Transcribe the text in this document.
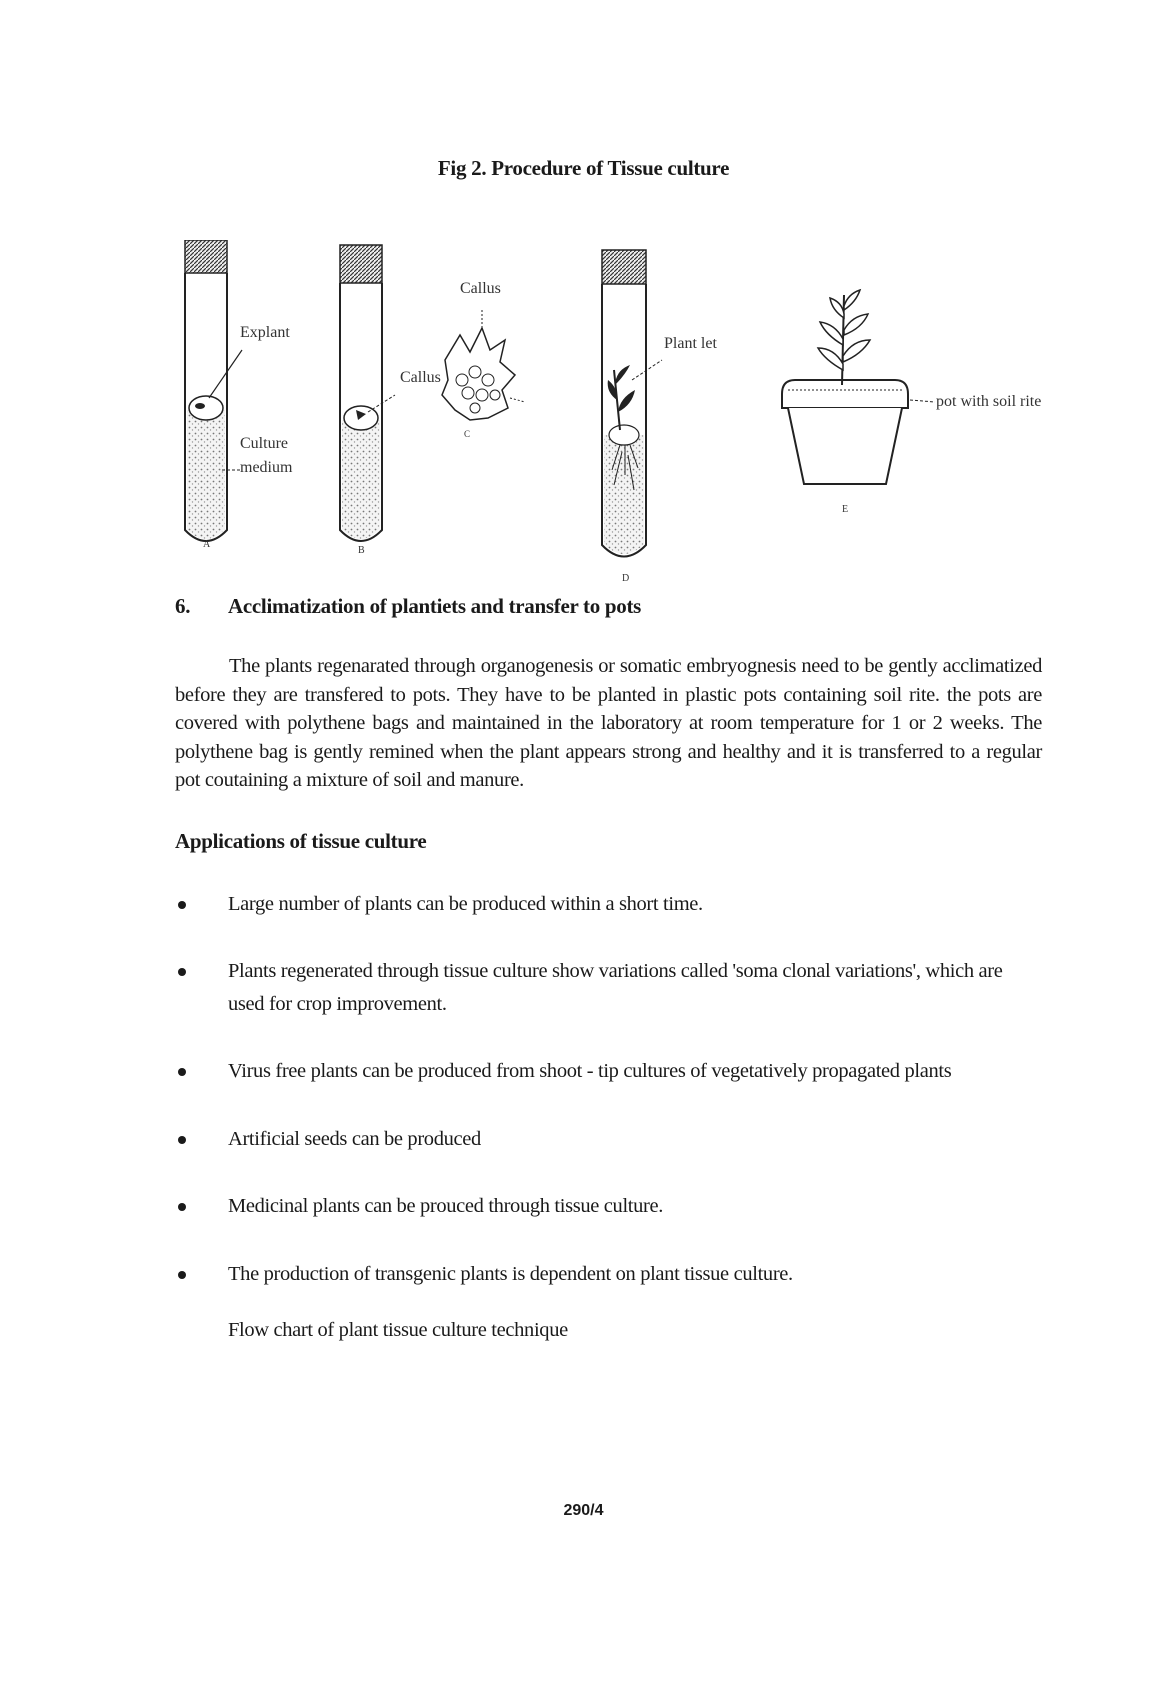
Fig 2. Procedure of Tissue culture
Explant
Culture
medium
A
Callus
B
Callus
C
Plant let
D
pot with soil rite
E
6. Acclimatization of plantiets and transfer to pots

The plants regenarated through organogenesis or somatic embryognesis need to be gently acclimatized before they are transfered to pots. They have to be planted in plastic pots containing soil rite. the pots are covered with polythene bags and maintained in the laboratory at room temperature for 1 or 2 weeks. The polythene bag is gently remined when the plant appears strong and healthy and it is transferred to a regular pot coutaining a mixture of soil and manure.

Applications of tissue culture
Large number of plants can be produced within a short time.
Plants regenerated through tissue culture show variations called 'soma clonal variations', which are used for crop improvement.
Virus free plants can be produced from shoot - tip cultures of vegetatively propagated plants
Artificial seeds can be produced
Medicinal plants can be prouced through tissue culture.
The production of transgenic plants is dependent on plant tissue culture.
Flow chart of plant tissue culture technique
290/4
